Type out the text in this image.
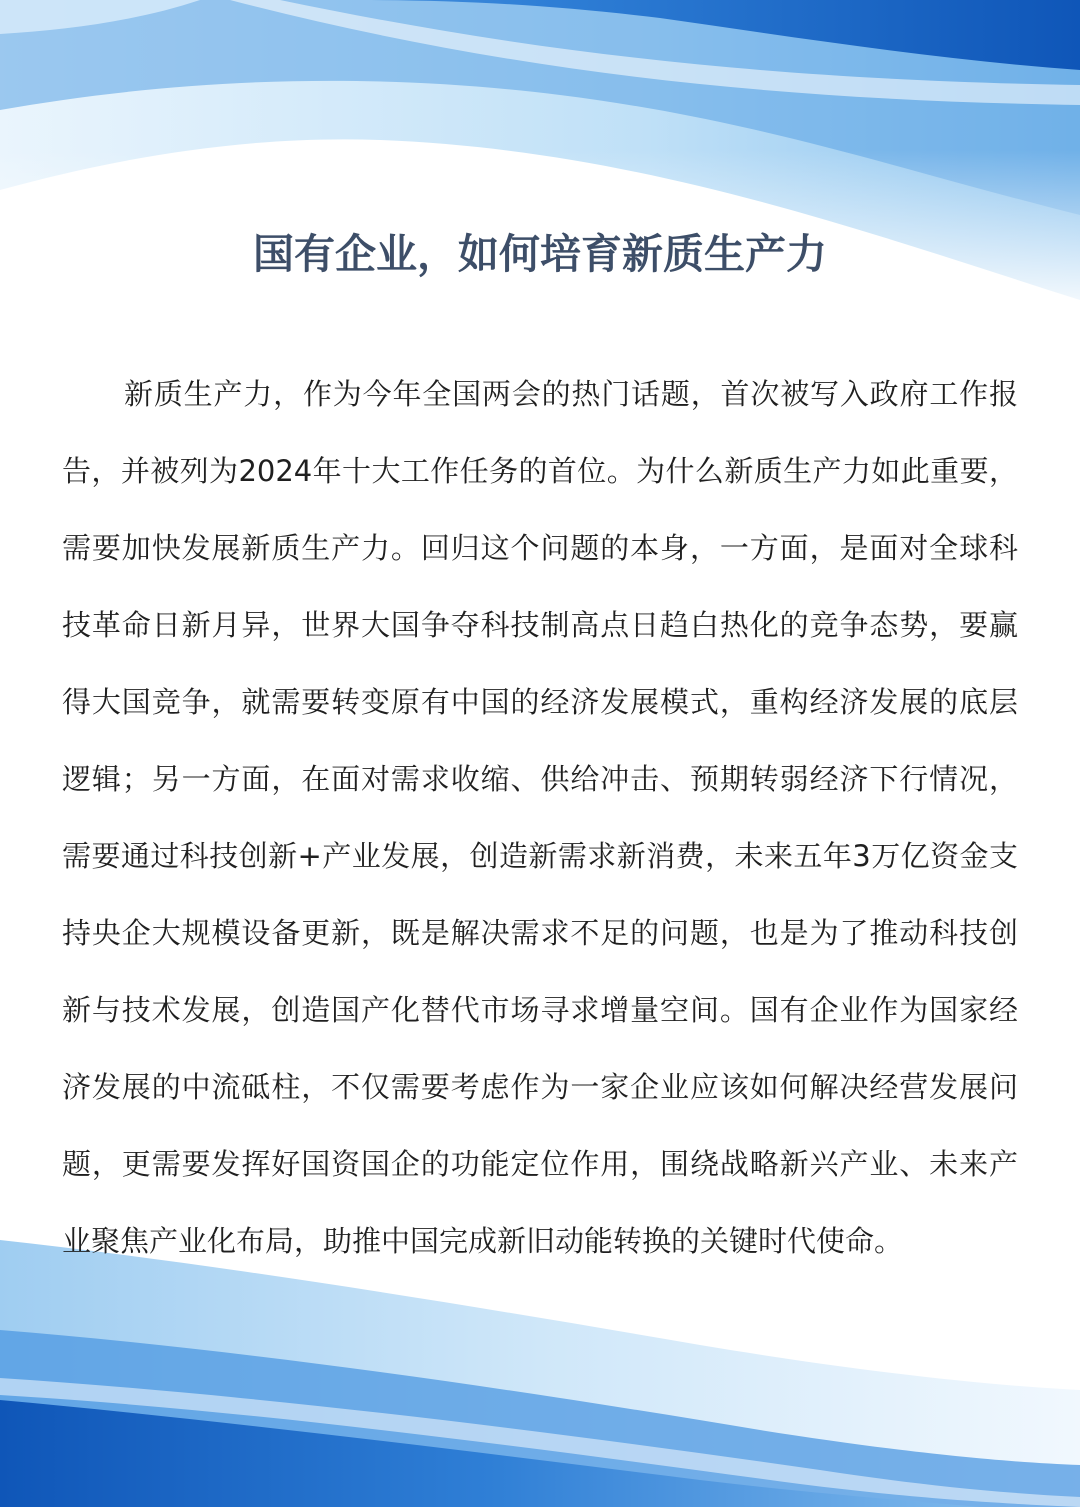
国有企业，如何培育新质生产力

新质生产力，作为今年全国两会的热门话题，首次被写入政府工作报告，并被列为2024年十大工作任务的首位。为什么新质生产力如此重要，需要加快发展新质生产力。回归这个问题的本身，一方面，是面对全球科技革命日新月异，世界大国争夺科技制高点日趋白热化的竞争态势，要赢得大国竞争，就需要转变原有中国的经济发展模式，重构经济发展的底层逻辑；另一方面，在面对需求收缩、供给冲击、预期转弱经济下行情况，需要通过科技创新+产业发展，创造新需求新消费，未来五年3万亿资金支持央企大规模设备更新，既是解决需求不足的问题，也是为了推动科技创新与技术发展，创造国产化替代市场寻求增量空间。国有企业作为国家经济发展的中流砥柱，不仅需要考虑作为一家企业应该如何解决经营发展问题，更需要发挥好国资国企的功能定位作用，围绕战略新兴产业、未来产业聚焦产业化布局，助推中国完成新旧动能转换的关键时代使命。
